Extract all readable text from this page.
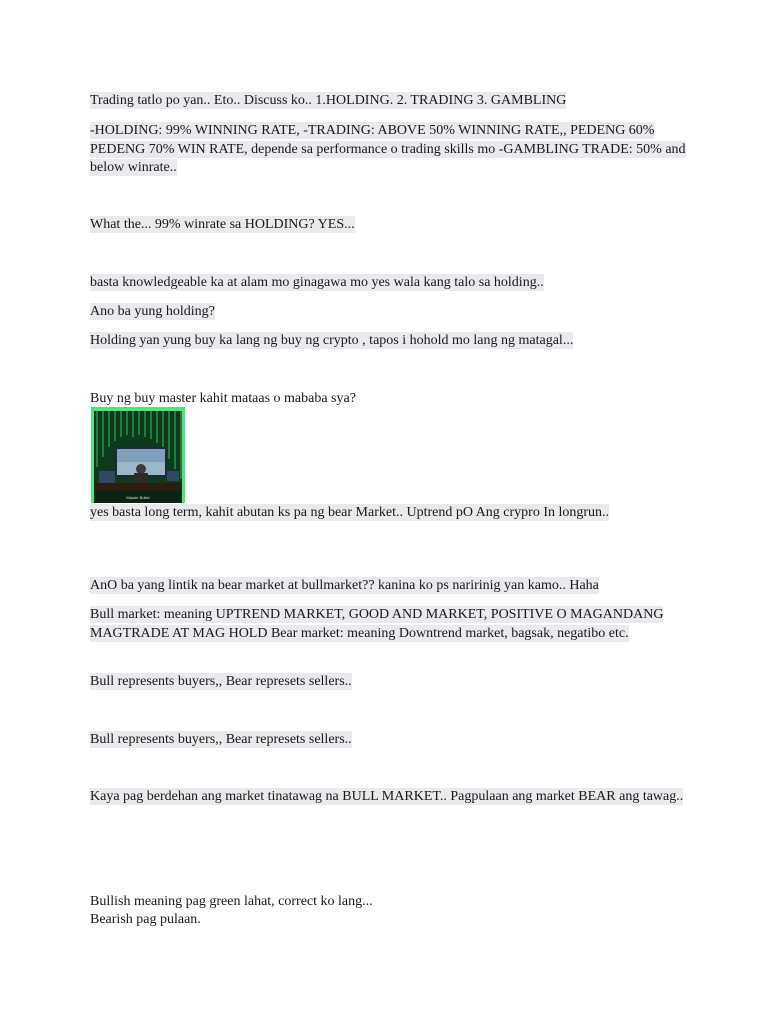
Trading tatlo po yan.. Eto.. Discuss ko.. 1.HOLDING. 2. TRADING 3. GAMBLING

-HOLDING: 99% WINNING RATE, -TRADING: ABOVE 50% WINNING RATE,, PEDENG 60% PEDENG 70% WIN RATE, depende sa performance o trading skills mo -GAMBLING TRADE: 50% and below winrate..

What the... 99% winrate sa HOLDING? YES...

basta knowledgeable ka at alam mo ginagawa mo yes wala kang talo sa holding..

Ano ba yung holding?

Holding yan yung buy ka lang ng buy ng crypto , tapos i hohold mo lang ng matagal...

Buy ng buy master kahit mataas o mababa sya?

Master Bullet

yes basta long term, kahit abutan ks pa ng bear Market.. Uptrend pO Ang crypro In longrun..

AnO ba yang lintik na bear market at bullmarket?? kanina ko ps naririnig yan kamo.. Haha

Bull market: meaning UPTREND MARKET, GOOD AND MARKET, POSITIVE O MAGANDANG MAGTRADE AT MAG HOLD Bear market: meaning Downtrend market, bagsak, negatibo etc.

Bull represents buyers,, Bear represets sellers..

Bull represents buyers,, Bear represets sellers..

Kaya pag berdehan ang market tinatawag na BULL MARKET.. Pagpulaan ang market BEAR ang tawag..

Bullish meaning pag green lahat, correct ko lang...

Bearish pag pulaan.
